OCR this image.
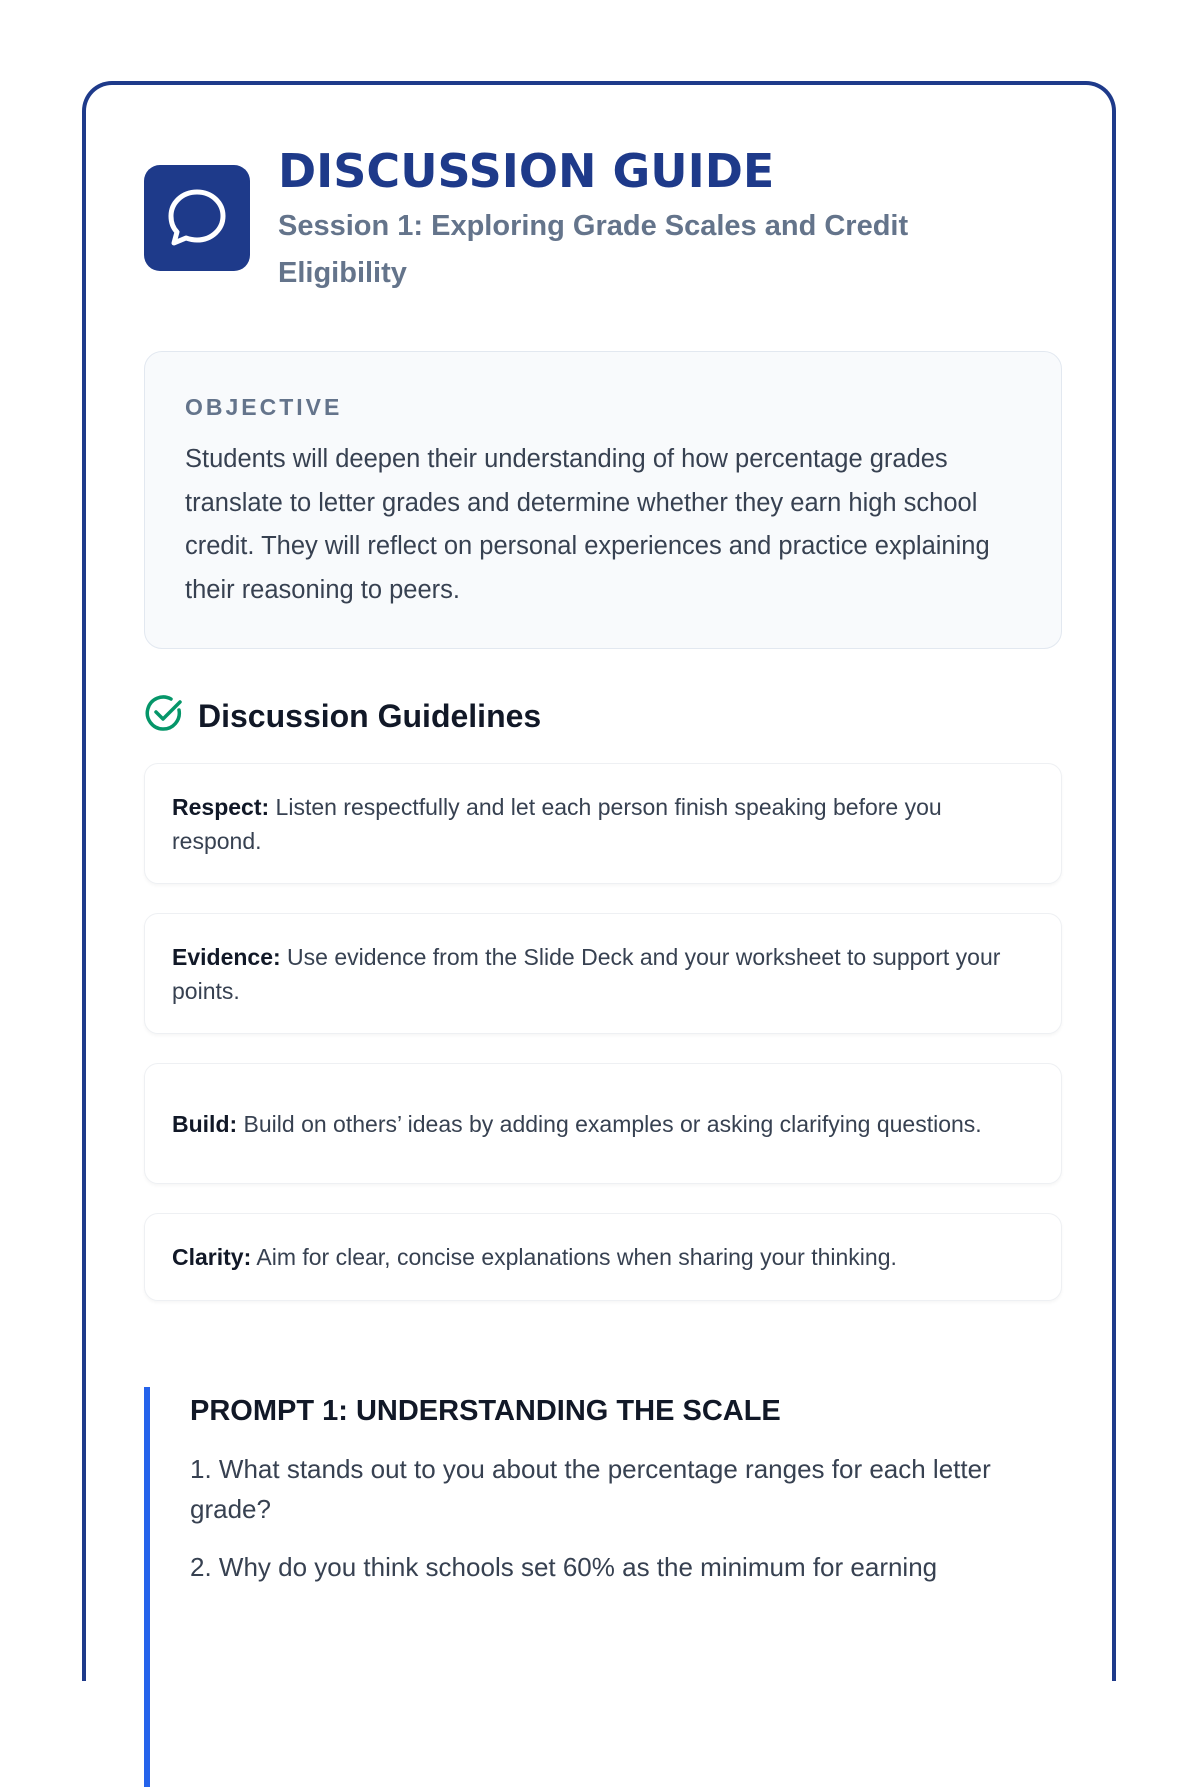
DISCUSSION GUIDE

Session 1: Exploring Grade Scales and Credit Eligibility

OBJECTIVE

Students will deepen their understanding of how percentage grades translate to letter grades and determine whether they earn high school credit. They will reflect on personal experiences and practice explaining their reasoning to peers.

Discussion Guidelines

Respect: Listen respectfully and let each person finish speaking before you respond.

Evidence: Use evidence from the Slide Deck and your worksheet to support your points.

Build: Build on others’ ideas by adding examples or asking clarifying questions.

Clarity: Aim for clear, concise explanations when sharing your thinking.

PROMPT 1: UNDERSTANDING THE SCALE
1. What stands out to you about the percentage ranges for each letter grade?
2. Why do you think schools set 60% as the minimum for earning
